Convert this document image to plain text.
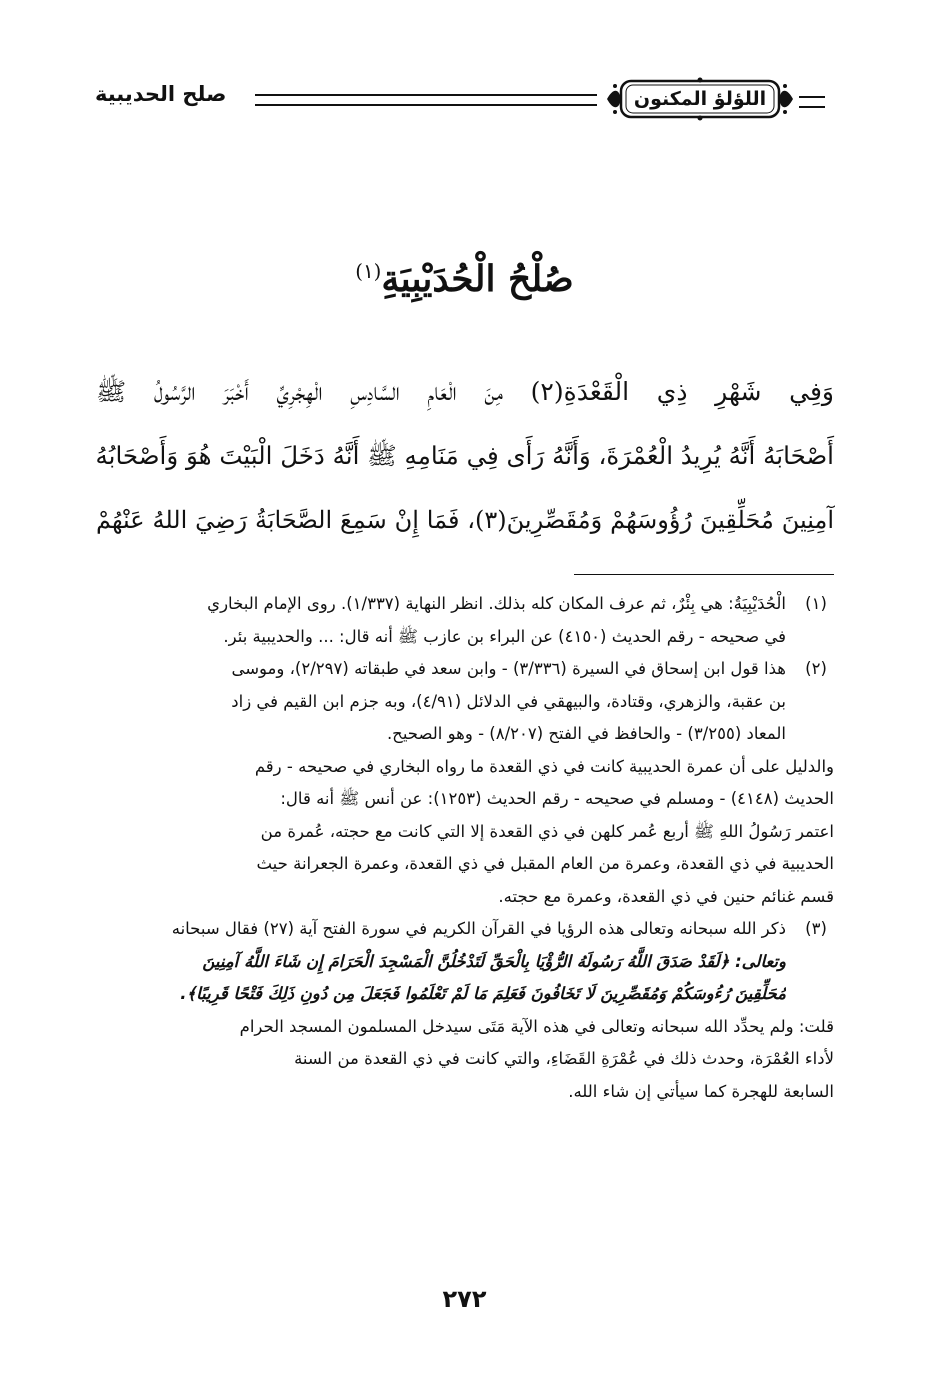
اللؤلؤ المكنون
صلح الحديبية
صُلْحُ الْحُدَيْبِيَةِ$^{(١)}$
وَفِي شَهْرِ ذِي الْقَعْدَةِ(٢) مِنَ الْعَامِ السَّادِسِ الْهِجْرِيِّ أَخْبَرَ الرَّسُولُ ﷺ
أَصْحَابَهُ أَنَّهُ يُرِيدُ الْعُمْرَةَ، وَأَنَّهُ رَأَى فِي مَنَامِهِ ﷺ أَنَّهُ دَخَلَ الْبَيْتَ هُوَ وَأَصْحَابُهُ
آمِنِينَ مُحَلِّقِينَ رُؤُوسَهُمْ وَمُقَصِّرِينَ(٣)، فَمَا إِنْ سَمِعَ الصَّحَابَةُ رَضِيَ اللهُ عَنْهُمْ
(١)
الْحُدَيْبِيَةُ: هي بِئْرٌ، ثم عرف المكان كله بذلك. انظر النهاية (١/٣٣٧). روى الإمام البخاري
في صحيحه - رقم الحديث (٤١٥٠) عن البراء بن عازب ﷺ أنه قال: ... والحديبية بئر.
(٢)
هذا قول ابن إسحاق في السيرة (٣/٣٣٦) - وابن سعد في طبقاته (٢/٢٩٧)، وموسى
بن عقبة، والزهري، وقتادة، والبيهقي في الدلائل (٤/٩١)، وبه جزم ابن القيم في زاد
المعاد (٣/٢٥٥) - والحافظ في الفتح (٨/٢٠٧) - وهو الصحيح.
والدليل على أن عمرة الحديبية كانت في ذي القعدة ما رواه البخاري في صحيحه - رقم
الحديث (٤١٤٨) - ومسلم في صحيحه - رقم الحديث (١٢٥٣): عن أنس ﷺ أنه قال:
اعتمر رَسُولُ اللهِ ﷺ أربع عُمر كلهن في ذي القعدة إلا التي كانت مع حجته، عُمرة من
الحديبية في ذي القعدة، وعمرة من العام المقبل في ذي القعدة، وعمرة الجعرانة حيث
قسم غنائم حنين في ذي القعدة، وعمرة مع حجته.
(٣)
ذكر الله سبحانه وتعالى هذه الرؤيا في القرآن الكريم في سورة الفتح آية (٢٧) فقال سبحانه
وتعالى: ﴿لَقَدْ صَدَقَ اللَّهُ رَسُولَهُ الرُّؤْيَا بِالْحَقِّ لَتَدْخُلُنَّ الْمَسْجِدَ الْحَرَامَ إِن شَاءَ اللَّهُ آمِنِينَ
مُحَلِّقِينَ رُءُوسَكُمْ وَمُقَصِّرِينَ لَا تَخَافُونَ فَعَلِمَ مَا لَمْ تَعْلَمُوا فَجَعَلَ مِن دُونِ ذَلِكَ فَتْحًا قَرِيبًا﴾.
قلت: ولم يحدِّد الله سبحانه وتعالى في هذه الآية مَتَى سيدخل المسلمون المسجد الحرام
لأداء العُمْرَة، وحدث ذلك في عُمْرَةِ القَضَاءِ، والتي كانت في ذي القعدة من السنة
السابعة للهجرة كما سيأتي إن شاء الله.
٢٧٢
